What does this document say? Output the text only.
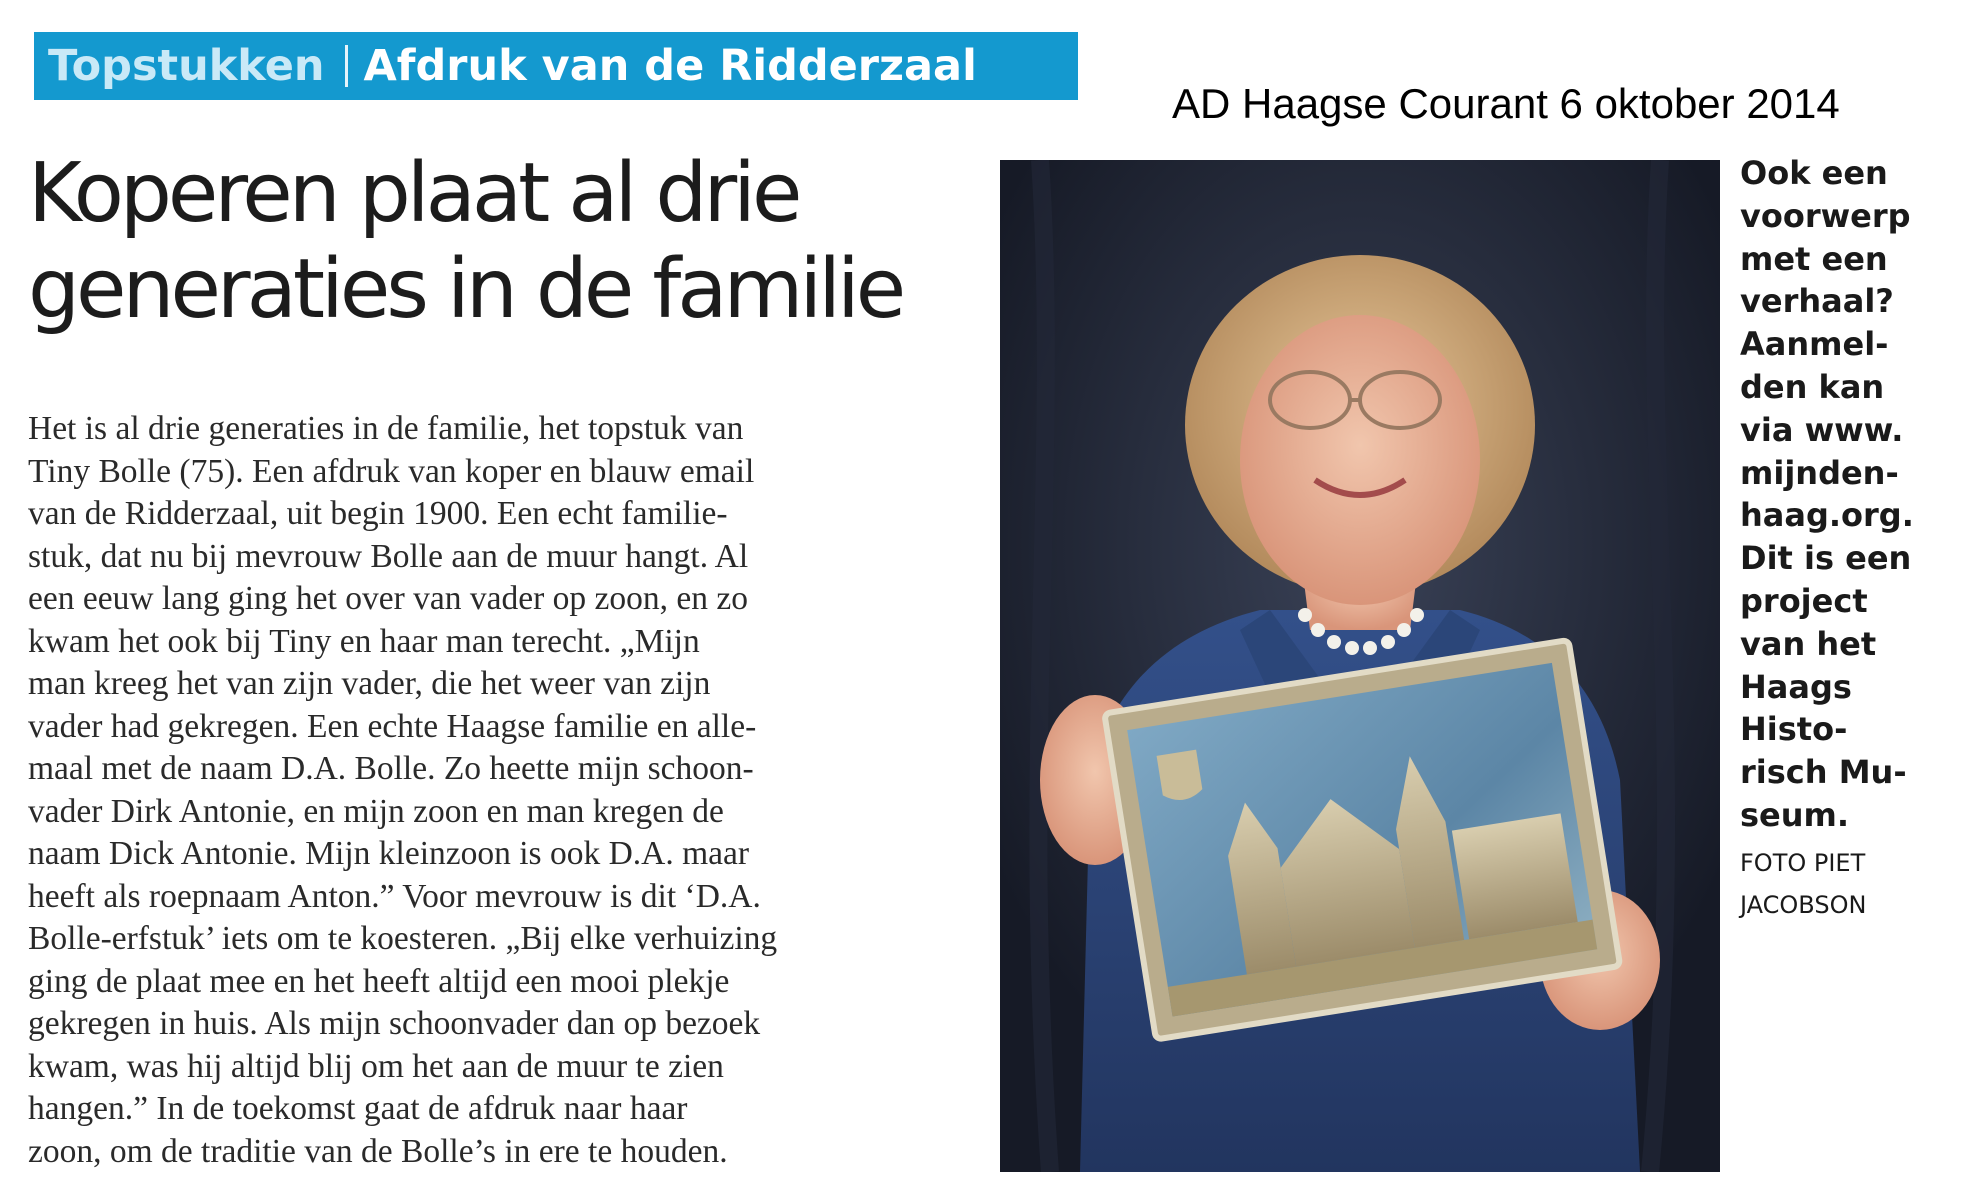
Topstukken Afdruk van de Ridderzaal
AD Haagse Courant 6 oktober 2014
Koperen plaat al drie
generaties in de familie
Het is al drie generaties in de familie, het topstuk van
Tiny Bolle (75). Een afdruk van koper en blauw email
van de Ridderzaal, uit begin 1900. Een echt familie-
stuk, dat nu bij mevrouw Bolle aan de muur hangt. Al
een eeuw lang ging het over van vader op zoon, en zo
kwam het ook bij Tiny en haar man terecht. „Mijn
man kreeg het van zijn vader, die het weer van zijn
vader had gekregen. Een echte Haagse familie en alle-
maal met de naam D.A. Bolle. Zo heette mijn schoon-
vader Dirk Antonie, en mijn zoon en man kregen de
naam Dick Antonie. Mijn kleinzoon is ook D.A. maar
heeft als roepnaam Anton.” Voor mevrouw is dit ‘D.A.
Bolle-erfstuk’ iets om te koesteren. „Bij elke verhuizing
ging de plaat mee en het heeft altijd een mooi plekje
gekregen in huis. Als mijn schoonvader dan op bezoek
kwam, was hij altijd blij om het aan de muur te zien
hangen.” In de toekomst gaat de afdruk naar haar
zoon, om de traditie van de Bolle’s in ere te houden.
Ook een
voorwerp
met een
verhaal?
Aanmel-
den kan
via www.
mijnden-
haag.org.
Dit is een
project
van het
Haags
Histo-
risch Mu-
seum.
FOTO PIET
JACOBSON
